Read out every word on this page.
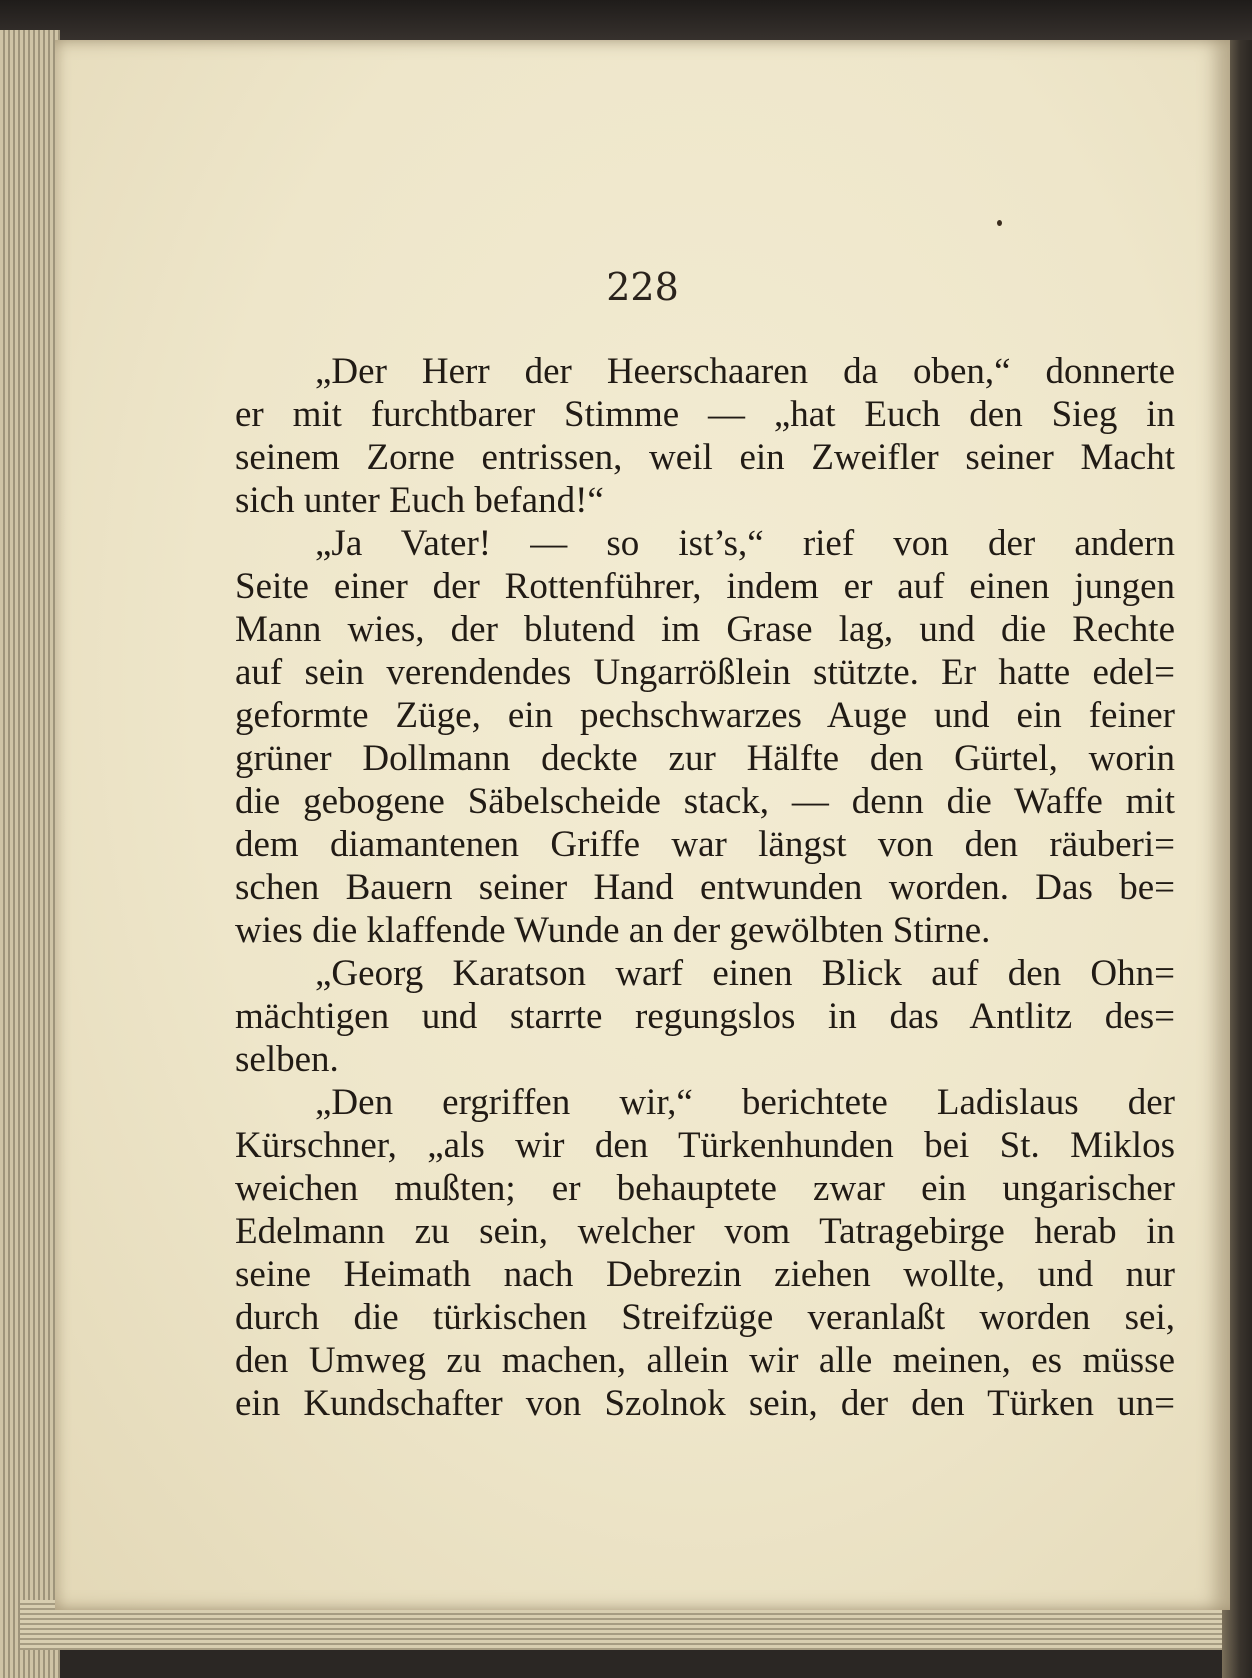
228
„Der Herr der Heerschaaren da oben,“ donnerte
er mit furchtbarer Stimme — „hat Euch den Sieg in
seinem Zorne entrissen, weil ein Zweifler seiner Macht
sich unter Euch befand!“
„Ja Vater! — so ist’s,“ rief von der andern
Seite einer der Rottenführer, indem er auf einen jungen
Mann wies, der blutend im Grase lag, und die Rechte
auf sein verendendes Ungarrößlein stützte. Er hatte edel=
geformte Züge, ein pechschwarzes Auge und ein feiner
grüner Dollmann deckte zur Hälfte den Gürtel, worin
die gebogene Säbelscheide stack, — denn die Waffe mit
dem diamantenen Griffe war längst von den räuberi=
schen Bauern seiner Hand entwunden worden. Das be=
wies die klaffende Wunde an der gewölbten Stirne.
„Georg Karatson warf einen Blick auf den Ohn=
mächtigen und starrte regungslos in das Antlitz des=
selben.
„Den ergriffen wir,“ berichtete Ladislaus der
Kürschner, „als wir den Türkenhunden bei St. Miklos
weichen mußten; er behauptete zwar ein ungarischer
Edelmann zu sein, welcher vom Tatragebirge herab in
seine Heimath nach Debrezin ziehen wollte, und nur
durch die türkischen Streifzüge veranlaßt worden sei,
den Umweg zu machen, allein wir alle meinen, es müsse
ein Kundschafter von Szolnok sein, der den Türken un=
